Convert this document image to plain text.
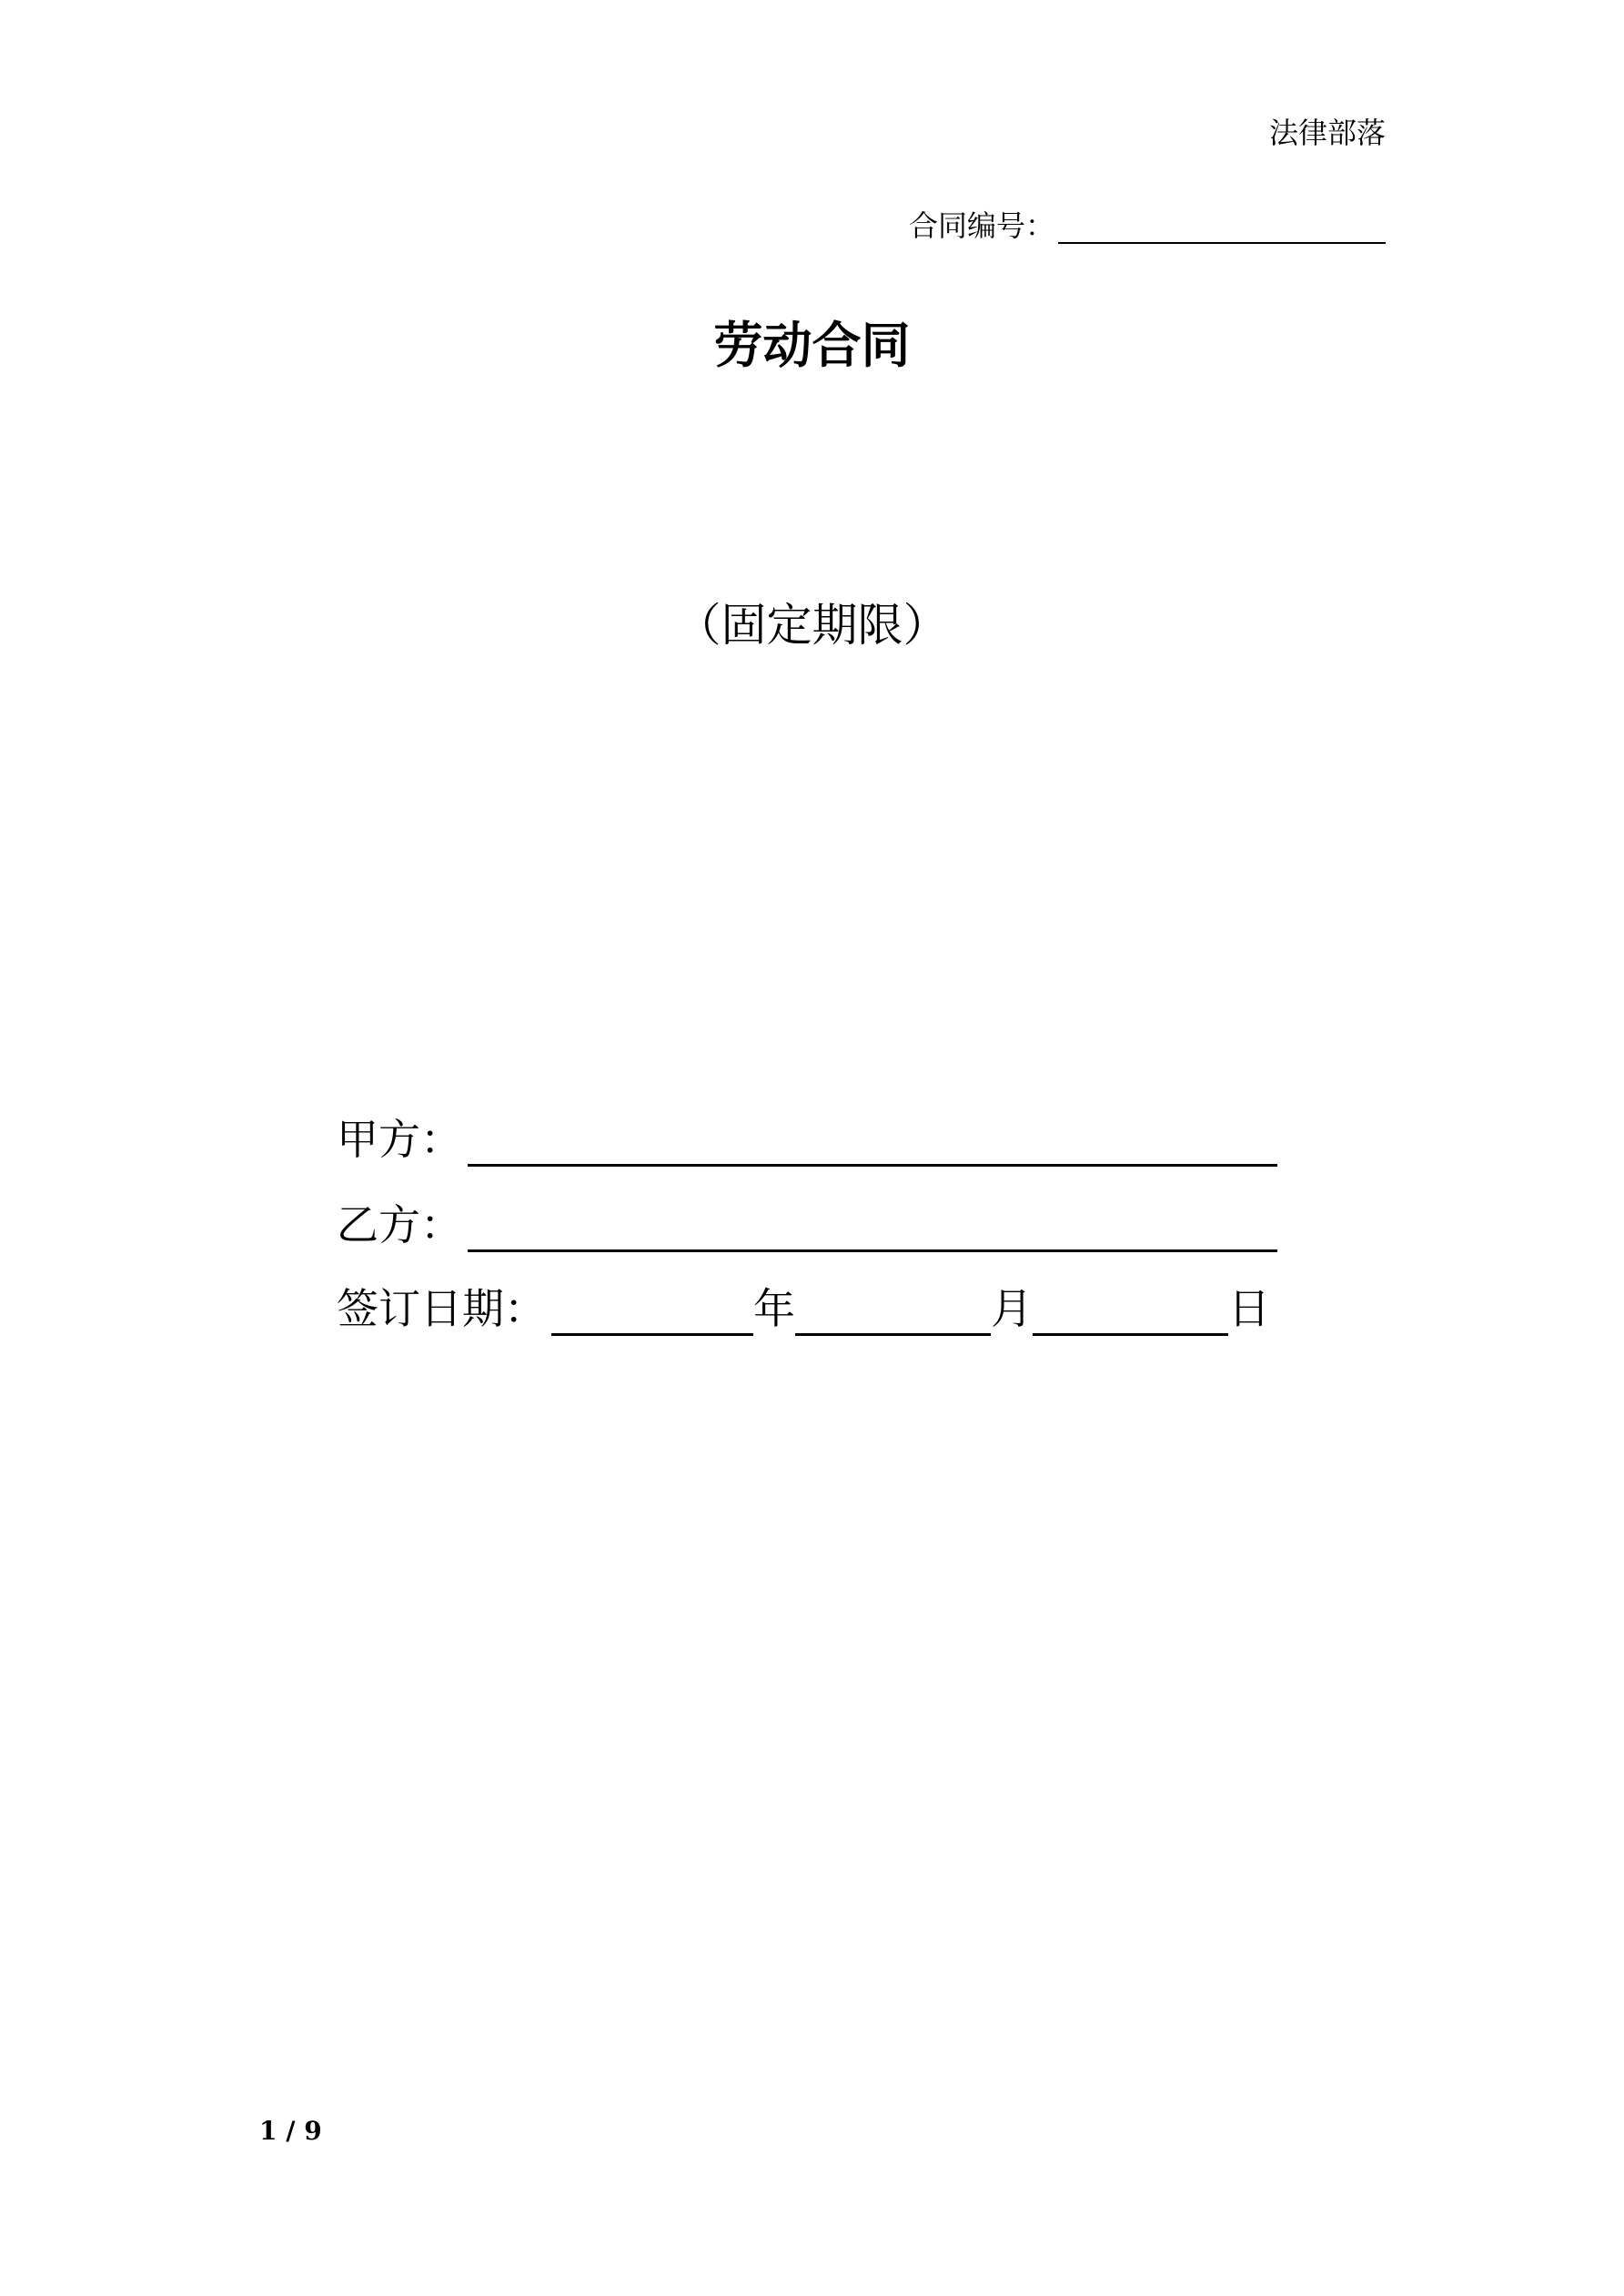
法律部落
合同编号：
劳动合同
（固定期限）
甲方：
乙方：
签订日期：	年	月	日
1 / 9
